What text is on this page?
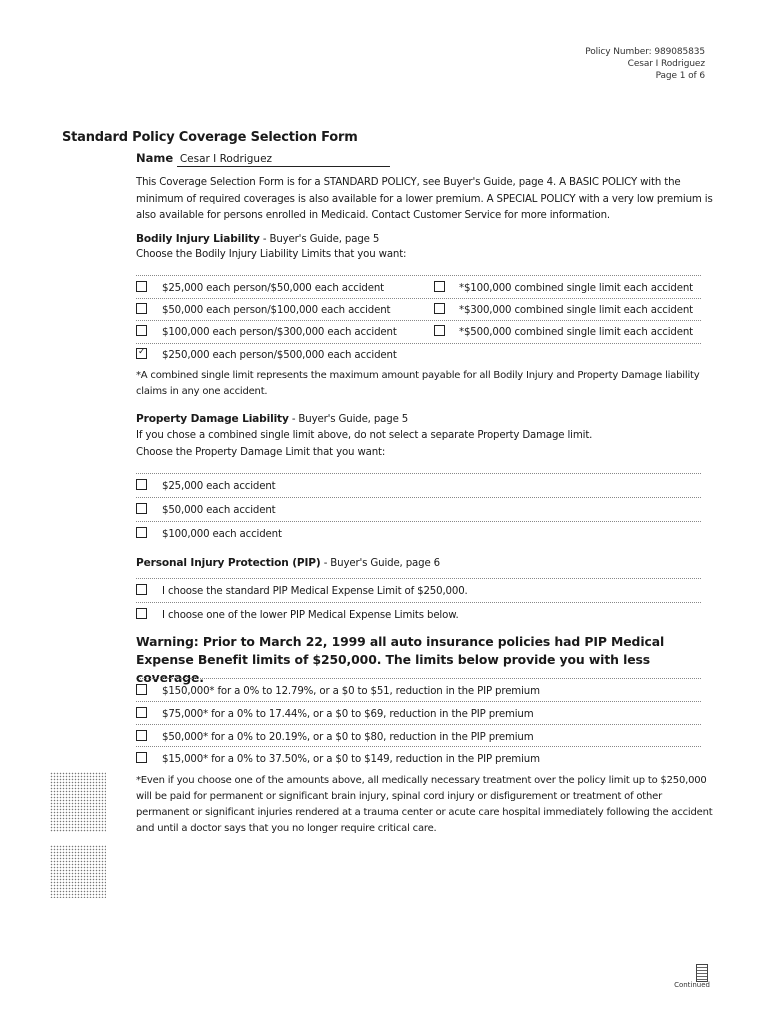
Policy Number: 989085835
Cesar I Rodriguez
Page 1 of 6
Standard Policy Coverage Selection Form
Name Cesar I Rodriguez
This Coverage Selection Form is for a STANDARD POLICY, see Buyer's Guide, page 4. A BASIC POLICY with the minimum of required coverages is also available for a lower premium. A SPECIAL POLICY with a very low premium is also available for persons enrolled in Medicaid. Contact Customer Service for more information.
Bodily Injury Liability - Buyer's Guide, page 5
Choose the Bodily Injury Liability Limits that you want:
$25,000 each person/$50,000 each accident	*$100,000 combined single limit each accident
$50,000 each person/$100,000 each accident	*$300,000 combined single limit each accident
$100,000 each person/$300,000 each accident	*$500,000 combined single limit each accident
✓ $250,000 each person/$500,000 each accident
*A combined single limit represents the maximum amount payable for all Bodily Injury and Property Damage liability claims in any one accident.
Property Damage Liability - Buyer's Guide, page 5
If you chose a combined single limit above, do not select a separate Property Damage limit.
Choose the Property Damage Limit that you want:
$25,000 each accident
$50,000 each accident
$100,000 each accident
Personal Injury Protection (PIP) - Buyer's Guide, page 6
I choose the standard PIP Medical Expense Limit of $250,000.
I choose one of the lower PIP Medical Expense Limits below.
Warning: Prior to March 22, 1999 all auto insurance policies had PIP Medical Expense Benefit limits of $250,000. The limits below provide you with less coverage.
$150,000* for a 0% to 12.79%, or a $0 to $51, reduction in the PIP premium
$75,000* for a 0% to 17.44%, or a $0 to $69, reduction in the PIP premium
$50,000* for a 0% to 20.19%, or a $0 to $80, reduction in the PIP premium
$15,000* for a 0% to 37.50%, or a $0 to $149, reduction in the PIP premium
*Even if you choose one of the amounts above, all medically necessary treatment over the policy limit up to $250,000 will be paid for permanent or significant brain injury, spinal cord injury or disfigurement or treatment of other permanent or significant injuries rendered at a trauma center or acute care hospital immediately following the accident and until a doctor says that you no longer require critical care.
Continued
